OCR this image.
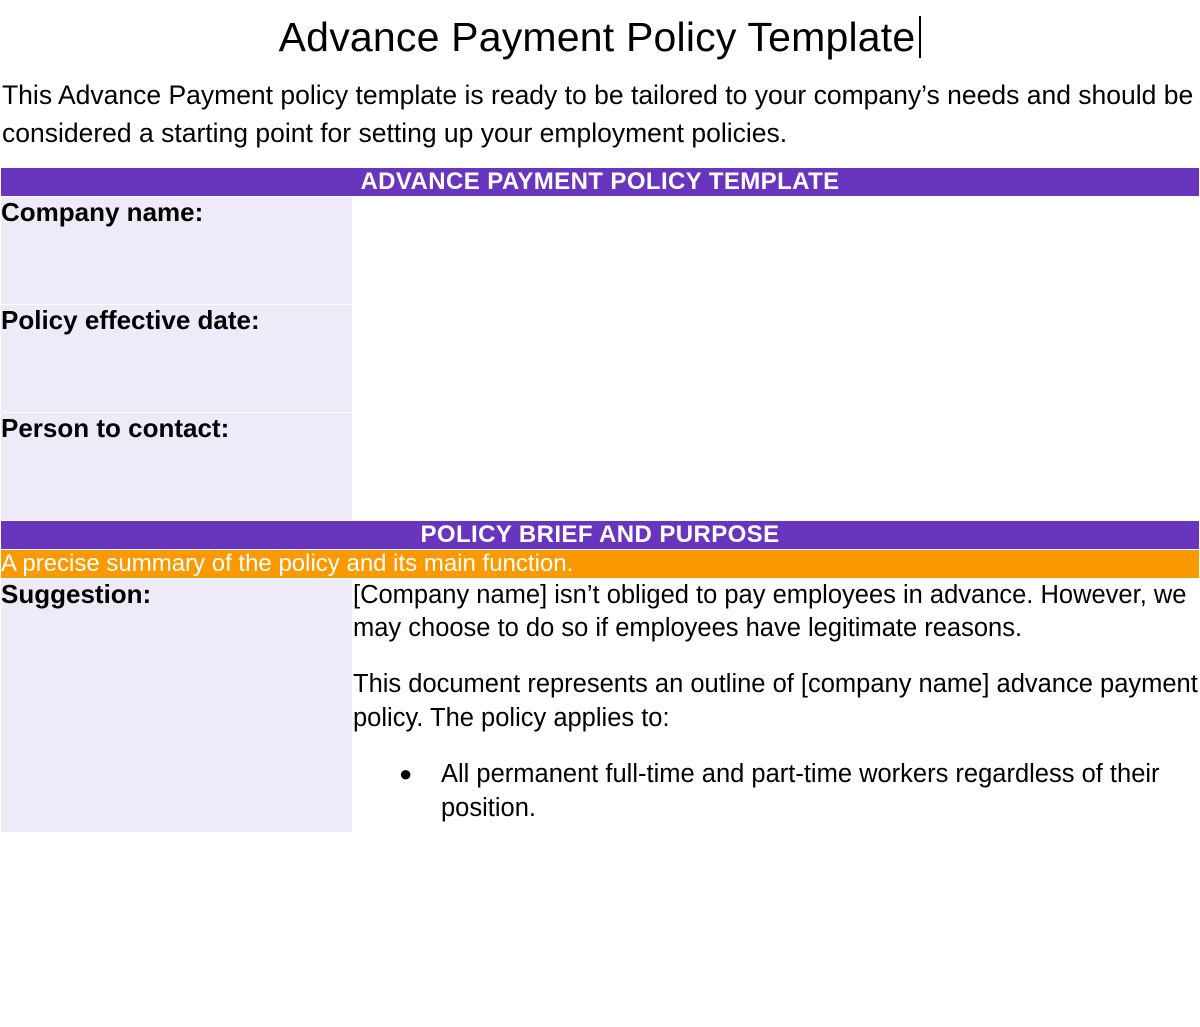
Advance Payment Policy Template

This Advance Payment policy template is ready to be tailored to your company’s needs and should be considered a starting point for setting up your employment policies.

ADVANCE PAYMENT POLICY TEMPLATE	
Company name:	
Policy effective date:	
Person to contact:	
POLICY BRIEF AND PURPOSE	
A precise summary of the policy and its main function.	
Suggestion:	[Company name] isn’t obliged to pay employees in advance. However, we may choose to do so if employees have legitimate reasons.

This document represents an outline of [company name] advance payment policy. The policy applies to:

● All permanent full-time and part-time workers regardless of their position.
